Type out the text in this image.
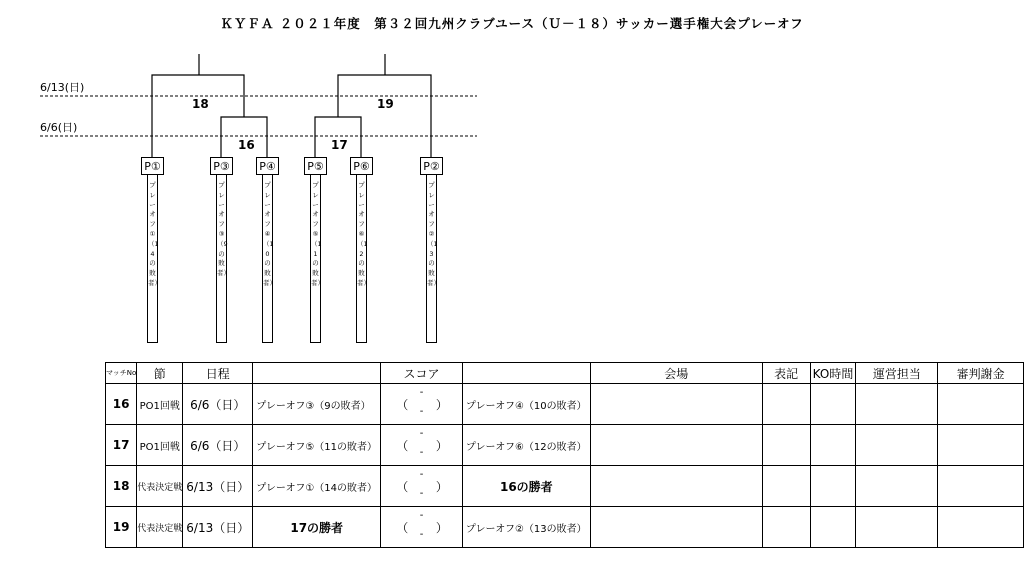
ＫＹＦＡ ２０２１年度　第３２回九州クラブユース（Ｕ－１８）サッカー選手権大会プレーオフ
6/13(日)
6/6(日)
18	19
16	17
P①
プレーオフ①（14の敗者）
P③
プレーオフ③（9の敗者）
P④
プレーオフ④（10の敗者）
P⑤
プレーオフ⑤（11の敗者）
P⑥
プレーオフ⑥（12の敗者）
P②
プレーオフ②（13の敗者）
マッチNo	節	日程		スコア		会場	表記	KO時間	運営担当	審判謝金
16	PO1回戦	6/6（日）	プレーオフ③（9の敗者）	（
-
- ）	プレーオフ④（10の敗者）					
17	PO1回戦	6/6（日）	プレーオフ⑤（11の敗者）	（
-
- ）	プレーオフ⑥（12の敗者）					
18	代表決定戦	6/13（日）	プレーオフ①（14の敗者）	（
-
- ）	16の勝者					
19	代表決定戦	6/13（日）	17の勝者	（
-
- ）	プレーオフ②（13の敗者）					
